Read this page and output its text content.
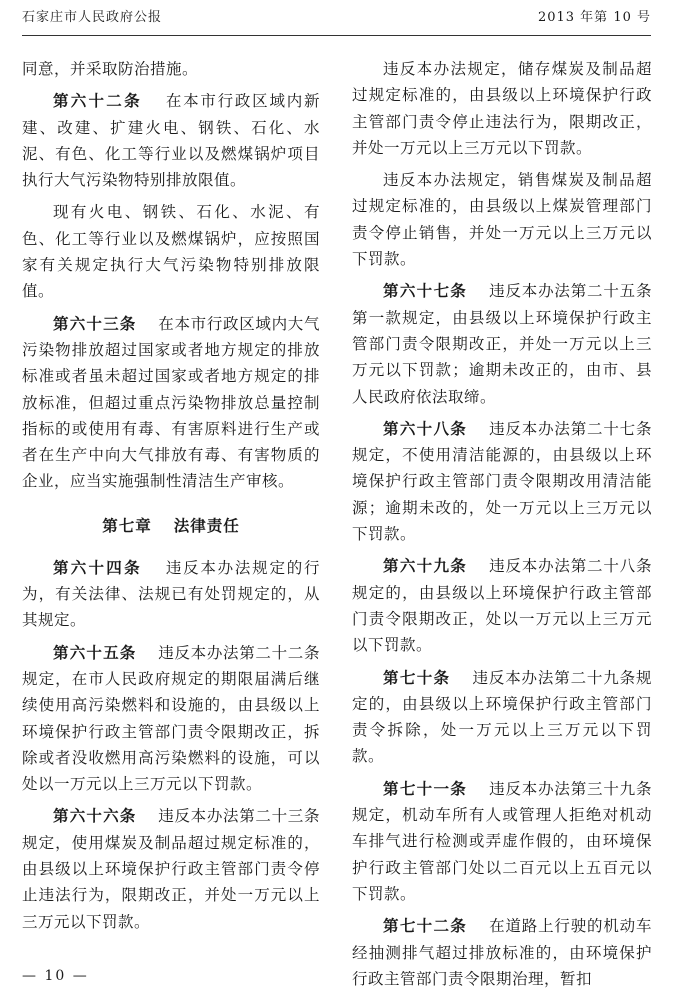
石家庄市人民政府公报	2013 年第 10 号

同意，并采取防治措施。

第六十二条　 在本市行政区域内新建、改建、扩建火电、钢铁、石化、水泥、有色、化工等行业以及燃煤锅炉项目执行大气污染物特别排放限值。

现有火电、钢铁、石化、水泥、有色、化工等行业以及燃煤锅炉，应按照国家有关规定执行大气污染物特别排放限值。

第六十三条　 在本市行政区域内大气污染物排放超过国家或者地方规定的排放标准或者虽未超过国家或者地方规定的排放标准，但超过重点污染物排放总量控制指标的或使用有毒、有害原料进行生产或者在生产中向大气排放有毒、有害物质的企业，应当实施强制性清洁生产审核。

第七章 法律责任

第六十四条　 违反本办法规定的行为，有关法律、法规已有处罚规定的，从其规定。

第六十五条　 违反本办法第二十二条规定，在市人民政府规定的期限届满后继续使用高污染燃料和设施的，由县级以上环境保护行政主管部门责令限期改正，拆除或者没收燃用高污染燃料的设施，可以处以一万元以上三万元以下罚款。

第六十六条　 违反本办法第二十三条规定，使用煤炭及制品超过规定标准的，由县级以上环境保护行政主管部门责令停止违法行为，限期改正，并处一万元以上三万元以下罚款。

违反本办法规定，储存煤炭及制品超过规定标准的，由县级以上环境保护行政主管部门责令停止违法行为，限期改正，并处一万元以上三万元以下罚款。

违反本办法规定，销售煤炭及制品超过规定标准的，由县级以上煤炭管理部门责令停止销售，并处一万元以上三万元以下罚款。

第六十七条　 违反本办法第二十五条第一款规定，由县级以上环境保护行政主管部门责令限期改正，并处一万元以上三万元以下罚款；逾期未改正的，由市、县人民政府依法取缔。

第六十八条　 违反本办法第二十七条规定，不使用清洁能源的，由县级以上环境保护行政主管部门责令限期改用清洁能源；逾期未改的，处一万元以上三万元以下罚款。

第六十九条　 违反本办法第二十八条规定的，由县级以上环境保护行政主管部门责令限期改正，处以一万元以上三万元以下罚款。

第七十条　 违反本办法第二十九条规定的，由县级以上环境保护行政主管部门责令拆除，处一万元以上三万元以下罚款。

第七十一条　 违反本办法第三十九条规定，机动车所有人或管理人拒绝对机动车排气进行检测或弄虚作假的，由环境保护行政主管部门处以二百元以上五百元以下罚款。

第七十二条　 在道路上行驶的机动车经抽测排气超过排放标准的，由环境保护行政主管部门责令限期治理，暂扣

— 10 —
